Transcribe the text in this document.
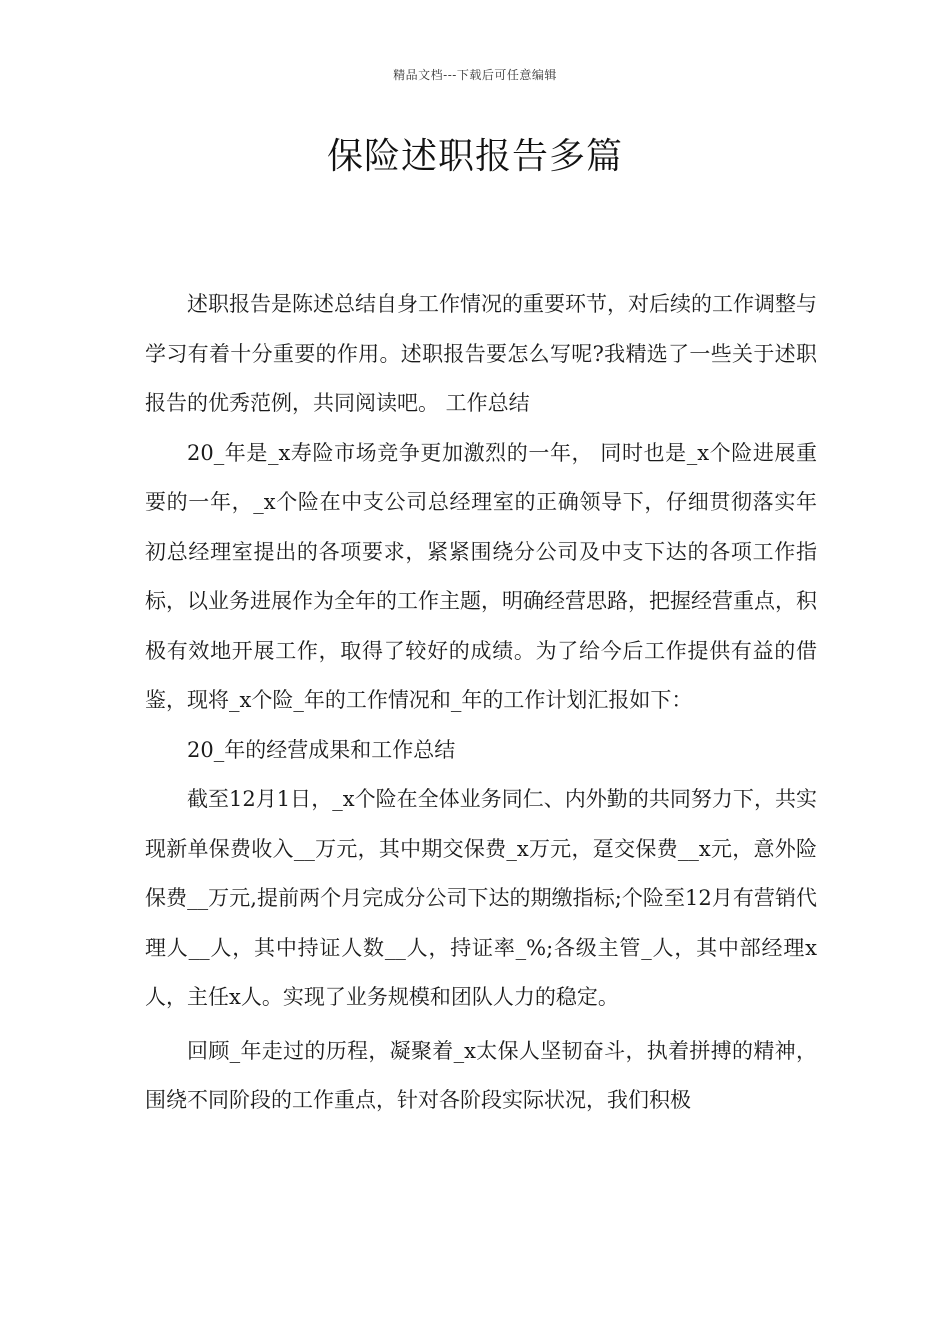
精品文档---下载后可任意编辑
保险述职报告多篇

述职报告是陈述总结自身工作情况的重要环节，对后续的工作调整与学习有着十分重要的作用。述职报告要怎么写呢?我精选了一些关于述职报告的优秀范例，共同阅读吧。 工作总结

20_年是_x寿险市场竞争更加激烈的一年， 同时也是_x个险进展重要的一年，_x个险在中支公司总经理室的正确领导下，仔细贯彻落实年初总经理室提出的各项要求，紧紧围绕分公司及中支下达的各项工作指标，以业务进展作为全年的工作主题，明确经营思路，把握经营重点，积极有效地开展工作，取得了较好的成绩。为了给今后工作提供有益的借鉴，现将_x个险_年的工作情况和_年的工作计划汇报如下：

20_年的经营成果和工作总结

截至12月1日，_x个险在全体业务同仁、内外勤的共同努力下，共实现新单保费收入__万元，其中期交保费_x万元，趸交保费__x元，意外险保费__万元,提前两个月完成分公司下达的期缴指标;个险至12月有营销代理人__人，其中持证人数__人，持证率_%;各级主管_人，其中部经理x人，主任x人。实现了业务规模和团队人力的稳定。

回顾_年走过的历程，凝聚着_x太保人坚韧奋斗，执着拼搏的精神，围绕不同阶段的工作重点，针对各阶段实际状况，我们积极
